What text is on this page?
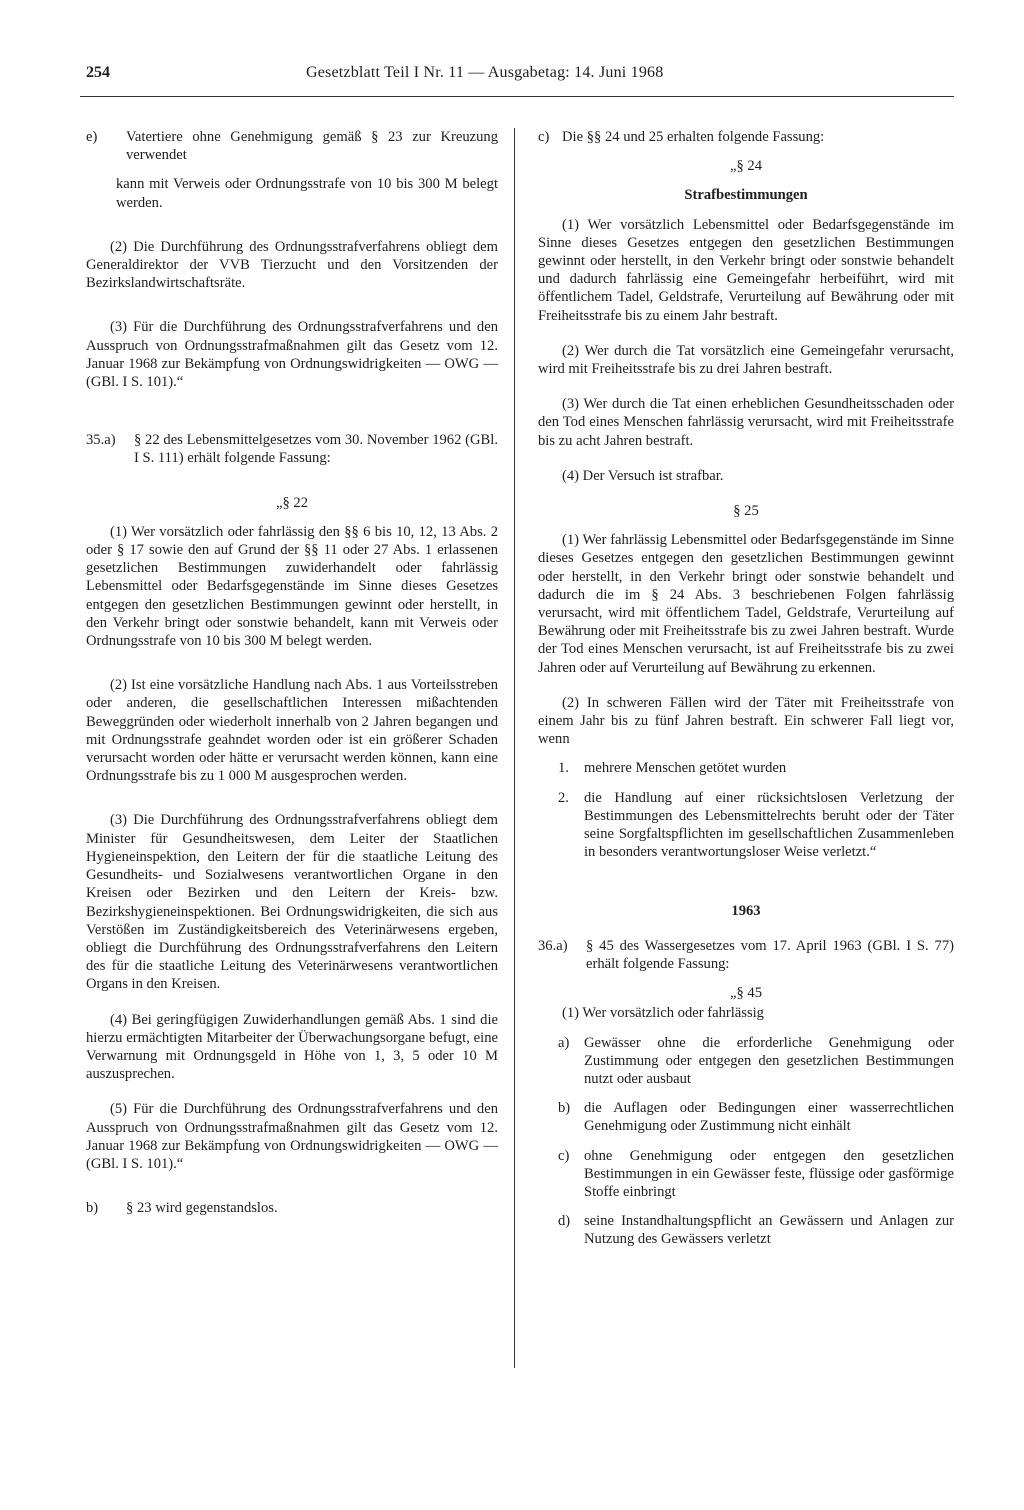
254	Gesetzblatt Teil I Nr. 11 — Ausgabetag: 14. Juni 1968
e)	Vatertiere ohne Genehmigung gemäß § 23 zur Kreuzung verwendet

kann mit Verweis oder Ordnungsstrafe von 10 bis 300 M belegt werden.

(2) Die Durchführung des Ordnungsstrafverfahrens obliegt dem Generaldirektor der VVB Tierzucht und den Vorsitzenden der Bezirkslandwirtschaftsräte.

(3) Für die Durchführung des Ordnungsstrafverfahrens und den Ausspruch von Ordnungsstrafmaßnahmen gilt das Gesetz vom 12. Januar 1968 zur Bekämpfung von Ordnungswidrigkeiten — OWG — (GBl. I S. 101).“

35.a)	§ 22 des Lebensmittelgesetzes vom 30. November 1962 (GBl. I S. 111) erhält folgende Fassung:

„§ 22

(1) Wer vorsätzlich oder fahrlässig den §§ 6 bis 10, 12, 13 Abs. 2 oder § 17 sowie den auf Grund der §§ 11 oder 27 Abs. 1 erlassenen gesetzlichen Bestimmungen zuwiderhandelt oder fahrlässig Lebensmittel oder Bedarfsgegenstände im Sinne dieses Gesetzes entgegen den gesetzlichen Bestimmungen gewinnt oder herstellt, in den Verkehr bringt oder sonstwie behandelt, kann mit Verweis oder Ordnungsstrafe von 10 bis 300 M belegt werden.

(2) Ist eine vorsätzliche Handlung nach Abs. 1 aus Vorteilsstreben oder anderen, die gesellschaftlichen Interessen mißachtenden Beweggründen oder wiederholt innerhalb von 2 Jahren begangen und mit Ordnungsstrafe geahndet worden oder ist ein größerer Schaden verursacht worden oder hätte er verursacht werden können, kann eine Ordnungsstrafe bis zu 1 000 M ausgesprochen werden.

(3) Die Durchführung des Ordnungsstrafverfahrens obliegt dem Minister für Gesundheitswesen, dem Leiter der Staatlichen Hygieneinspektion, den Leitern der für die staatliche Leitung des Gesundheits- und Sozialwesens verantwortlichen Organe in den Kreisen oder Bezirken und den Leitern der Kreis- bzw. Bezirkshygieneinspektionen. Bei Ordnungswidrigkeiten, die sich aus Verstößen im Zuständigkeitsbereich des Veterinärwesens ergeben, obliegt die Durchführung des Ordnungsstrafverfahrens den Leitern des für die staatliche Leitung des Veterinärwesens verantwortlichen Organs in den Kreisen.

(4) Bei geringfügigen Zuwiderhandlungen gemäß Abs. 1 sind die hierzu ermächtigten Mitarbeiter der Überwachungsorgane befugt, eine Verwarnung mit Ordnungsgeld in Höhe von 1, 3, 5 oder 10 M auszusprechen.

(5) Für die Durchführung des Ordnungsstrafverfahrens und den Ausspruch von Ordnungsstrafmaßnahmen gilt das Gesetz vom 12. Januar 1968 zur Bekämpfung von Ordnungswidrigkeiten — OWG — (GBl. I S. 101).“

b)	§ 23 wird gegenstandslos.
c) Die §§ 24 und 25 erhalten folgende Fassung:

„§ 24

Strafbestimmungen

(1) Wer vorsätzlich Lebensmittel oder Bedarfsgegenstände im Sinne dieses Gesetzes entgegen den gesetzlichen Bestimmungen gewinnt oder herstellt, in den Verkehr bringt oder sonstwie behandelt und dadurch fahrlässig eine Gemeingefahr herbeiführt, wird mit öffentlichem Tadel, Geldstrafe, Verurteilung auf Bewährung oder mit Freiheitsstrafe bis zu einem Jahr bestraft.

(2) Wer durch die Tat vorsätzlich eine Gemeingefahr verursacht, wird mit Freiheitsstrafe bis zu drei Jahren bestraft.

(3) Wer durch die Tat einen erheblichen Gesundheitsschaden oder den Tod eines Menschen fahrlässig verursacht, wird mit Freiheitsstrafe bis zu acht Jahren bestraft.

(4) Der Versuch ist strafbar.

§ 25

(1) Wer fahrlässig Lebensmittel oder Bedarfsgegenstände im Sinne dieses Gesetzes entgegen den gesetzlichen Bestimmungen gewinnt oder herstellt, in den Verkehr bringt oder sonstwie behandelt und dadurch die im § 24 Abs. 3 beschriebenen Folgen fahrlässig verursacht, wird mit öffentlichem Tadel, Geldstrafe, Verurteilung auf Bewährung oder mit Freiheitsstrafe bis zu zwei Jahren bestraft. Wurde der Tod eines Menschen verursacht, ist auf Freiheitsstrafe bis zu zwei Jahren oder auf Verurteilung auf Bewährung zu erkennen.

(2) In schweren Fällen wird der Täter mit Freiheitsstrafe von einem Jahr bis zu fünf Jahren bestraft. Ein schwerer Fall liegt vor, wenn

1.	mehrere Menschen getötet wurden
2.	die Handlung auf einer rücksichtslosen Verletzung der Bestimmungen des Lebensmittelrechts beruht oder der Täter seine Sorgfaltspflichten im gesellschaftlichen Zusammenleben in besonders verantwortungsloser Weise verletzt.“

1963

36.a)	§ 45 des Wassergesetzes vom 17. April 1963 (GBl. I S. 77) erhält folgende Fassung:

„§ 45

(1) Wer vorsätzlich oder fahrlässig

a)	Gewässer ohne die erforderliche Genehmigung oder Zustimmung oder entgegen den gesetzlichen Bestimmungen nutzt oder ausbaut
b) die Auflagen oder Bedingungen einer wasserrechtlichen Genehmigung oder Zustimmung nicht einhält
c)	ohne Genehmigung oder entgegen den gesetzlichen Bestimmungen in ein Gewässer feste, flüssige oder gasförmige Stoffe einbringt
d) seine Instandhaltungspflicht an Gewässern und Anlagen zur Nutzung des Gewässers verletzt
